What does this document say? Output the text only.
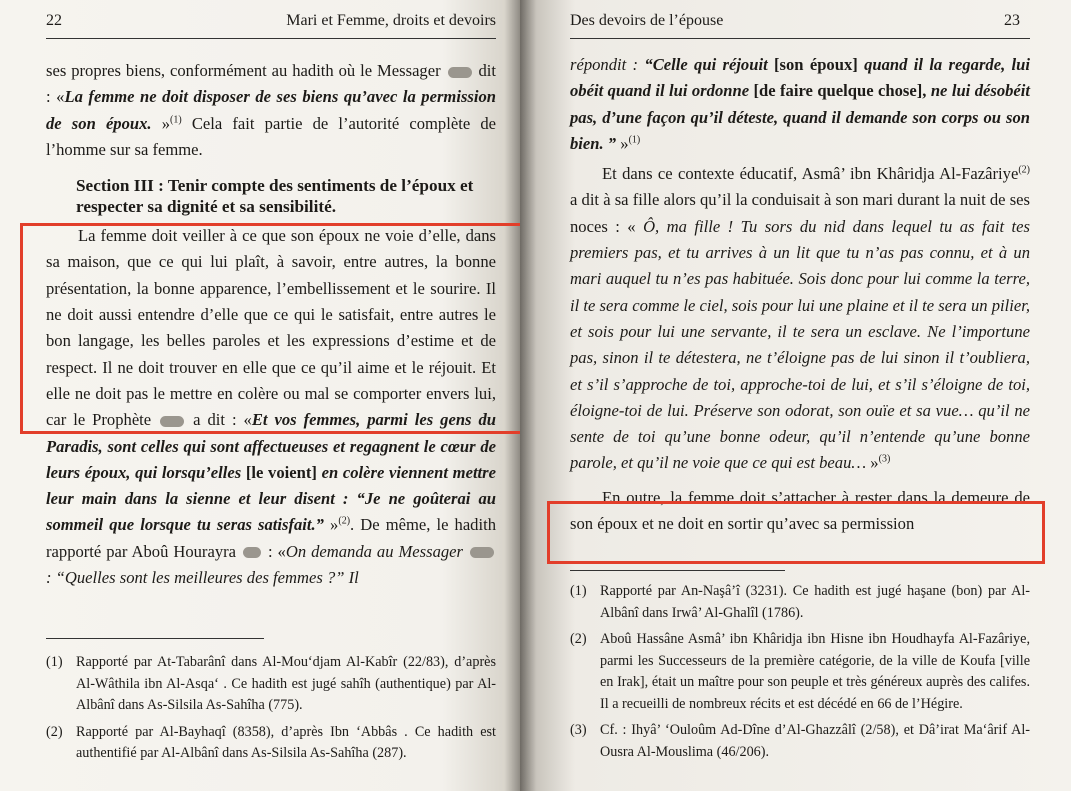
22	Mari et Femme, droits et devoirs

ses propres biens, conformément au hadith où le Messager  dit : «La femme ne doit disposer de ses biens qu’avec la permission de son époux. »$^{(1)}$ Cela fait partie de l’autorité complète de l’homme sur sa femme.

Section III : Tenir compte des sentiments de l’époux et respecter sa dignité et sa sensibilité.

La femme doit veiller à ce que son époux ne voie d’elle, dans sa maison, que ce qui lui plaît, à savoir, entre autres, la bonne présentation, la bonne apparence, l’embellissement et le sourire. Il ne doit aussi entendre d’elle que ce qui le satisfait, entre autres le bon langage, les belles paroles et les expressions d’estime et de respect. Il ne doit trouver en elle que ce qu’il aime et le réjouit. Et elle ne doit pas le mettre en colère ou mal se comporter envers lui, car le Prophète  a dit : «Et vos femmes, parmi les gens du Paradis, sont celles qui sont affectueuses et regagnent le cœur de leurs époux, qui lorsqu’elles [le voient] en colère viennent mettre leur main dans la sienne et leur disent : “Je ne goûterai au sommeil que lorsque tu seras satisfait.” »$^{(2)}$. De même, le hadith rapporté par Aboû Hourayra  : «On demanda au Messager  : “Quelles sont les meilleures des femmes ?” Il

(1) Rapporté par At-Tabarânî dans Al-Mou‘djam Al-Kabîr (22/83), d’après Al-Wâthila ibn Al-Asqa‘ . Ce hadith est jugé sahîh (authentique) par Al-Albânî dans As-Silsila As-Sahîha (775).
(2) Rapporté par Al-Bayhaqî (8358), d’après Ibn ‘Abbâs . Ce hadith est authentifié par Al-Albânî dans As-Silsila As-Sahîha (287).
Des devoirs de l’épouse	23

répondit : “Celle qui réjouit [son époux] quand il la regarde, lui obéit quand il lui ordonne [de faire quelque chose], ne lui désobéit pas, d’une façon qu’il déteste, quand il demande son corps ou son bien. ” »$^{(1)}$

Et dans ce contexte éducatif, Asmâ’ ibn Khâridja Al-Fazâriye$^{(2)}$ a dit à sa fille alors qu’il la conduisait à son mari durant la nuit de ses noces : « Ô, ma fille ! Tu sors du nid dans lequel tu as fait tes premiers pas, et tu arrives à un lit que tu n’as pas connu, et à un mari auquel tu n’es pas habituée. Sois donc pour lui comme la terre, il te sera comme le ciel, sois pour lui une plaine et il te sera un pilier, et sois pour lui une servante, il te sera un esclave. Ne l’importune pas, sinon il te détestera, ne t’éloigne pas de lui sinon il t’oubliera, et s’il s’approche de toi, approche-toi de lui, et s’il s’éloigne de toi, éloigne-toi de lui. Préserve son odorat, son ouïe et sa vue… qu’il ne sente de toi qu’une bonne odeur, qu’il n’entende qu’une bonne parole, et qu’il ne voie que ce qui est beau… »$^{(3)}$

En outre, la femme doit s’attacher à rester dans la demeure de son époux et ne doit en sortir qu’avec sa permission

(1) Rapporté par An-Naşâ’î (3231). Ce hadith est jugé haşane (bon) par Al-Albânî dans Irwâ’ Al-Ghalîl (1786).
(2) Aboû Hassâne Asmâ’ ibn Khâridja ibn Hisne ibn Houdhayfa Al-Fazâriye, parmi les Successeurs de la première catégorie, de la ville de Koufa [ville en Irak], était un maître pour son peuple et très généreux auprès des califes. Il a recueilli de nombreux récits et est décédé en 66 de l’Hégire.
(3) Cf. : Ihyâ’ ‘Ouloûm Ad-Dîne d’Al-Ghazzâlî (2/58), et Dâ’irat Ma‘ârif Al-Ousra Al-Mouslima (46/206).
